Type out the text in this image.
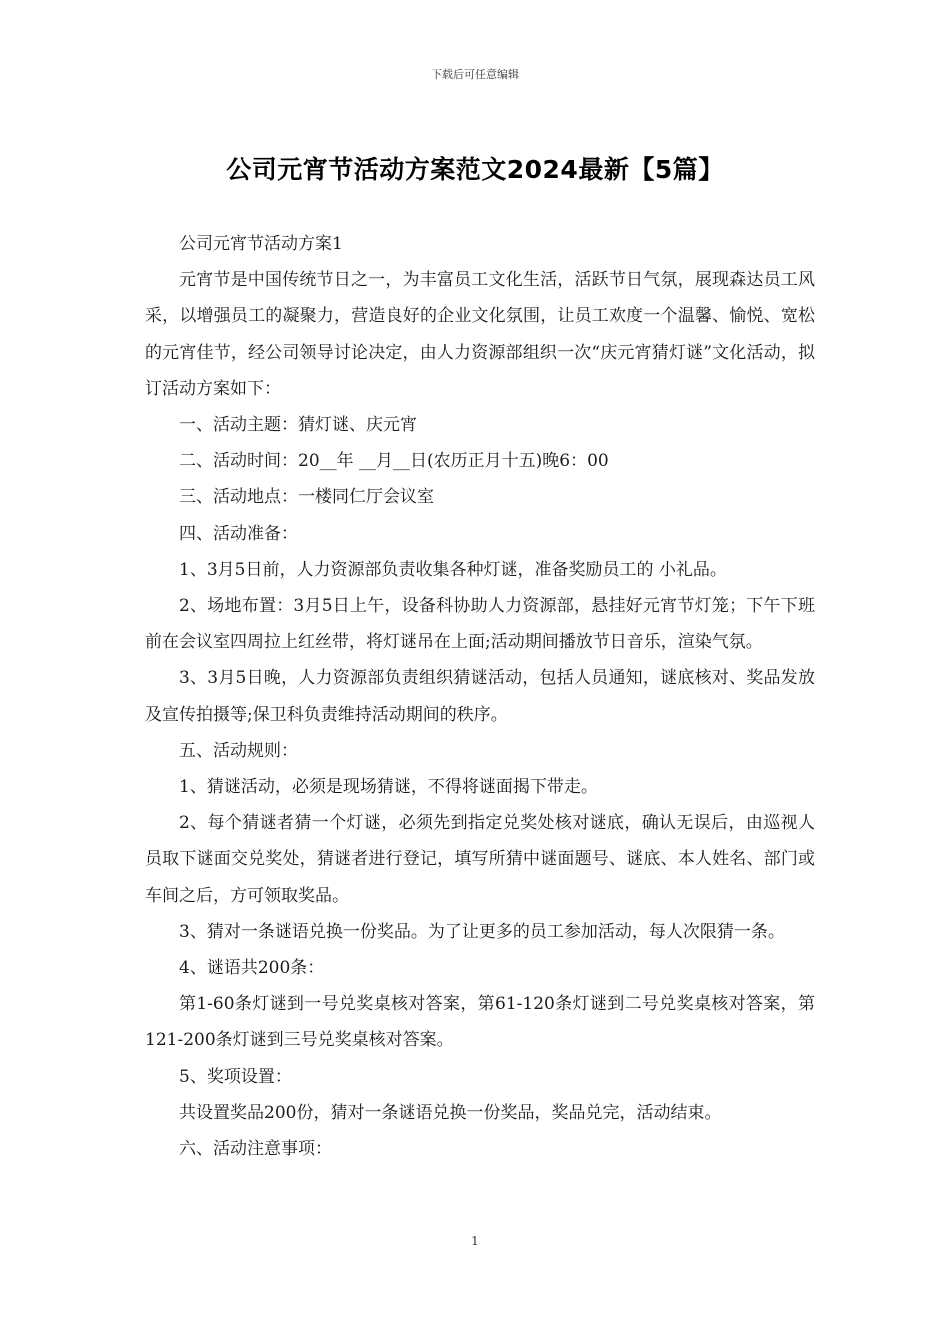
下载后可任意编辑
公司元宵节活动方案范文2024最新【5篇】

公司元宵节活动方案1

元宵节是中国传统节日之一，为丰富员工文化生活，活跃节日气氛，展现森达员工风采，以增强员工的凝聚力，营造良好的企业文化氛围，让员工欢度一个温馨、愉悦、宽松的元宵佳节，经公司领导讨论决定，由人力资源部组织一次“庆元宵猜灯谜”文化活动，拟订活动方案如下：

一、活动主题：猜灯谜、庆元宵

二、活动时间：20__年 __月__日(农历正月十五)晚6：00

三、活动地点：一楼同仁厅会议室

四、活动准备：

1、3月5日前，人力资源部负责收集各种灯谜，准备奖励员工的 小礼品。

2、场地布置：3月5日上午，设备科协助人力资源部，悬挂好元宵节灯笼；下午下班前在会议室四周拉上红丝带，将灯谜吊在上面;活动期间播放节日音乐，渲染气氛。

3、3月5日晚，人力资源部负责组织猜谜活动，包括人员通知，谜底核对、奖品发放及宣传拍摄等;保卫科负责维持活动期间的秩序。

五、活动规则：

1、猜谜活动，必须是现场猜谜，不得将谜面揭下带走。

2、每个猜谜者猜一个灯谜，必须先到指定兑奖处核对谜底，确认无误后，由巡视人员取下谜面交兑奖处，猜谜者进行登记，填写所猜中谜面题号、谜底、本人姓名、部门或车间之后，方可领取奖品。

3、猜对一条谜语兑换一份奖品。为了让更多的员工参加活动，每人次限猜一条。

4、谜语共200条：

第1-60条灯谜到一号兑奖桌核对答案，第61-120条灯谜到二号兑奖桌核对答案，第121-200条灯谜到三号兑奖桌核对答案。

5、奖项设置：

共设置奖品200份，猜对一条谜语兑换一份奖品，奖品兑完，活动结束。

六、活动注意事项：

1
